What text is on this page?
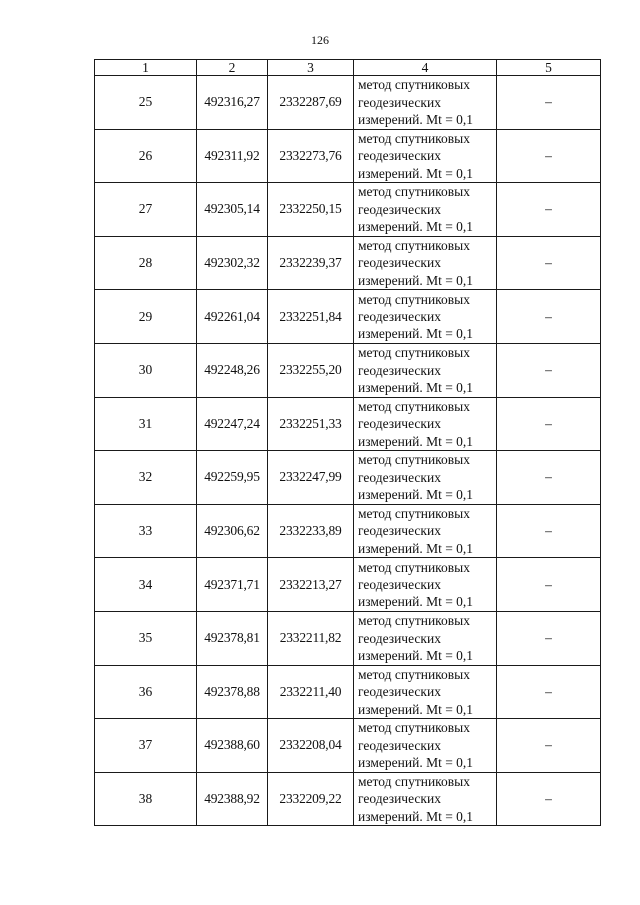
126
1	2	3	4	5
25	492316,27	2332287,69	метод спутниковых
геодезических
измерений. Mt = 0,1	–
26	492311,92	2332273,76	метод спутниковых
геодезических
измерений. Mt = 0,1	–
27	492305,14	2332250,15	метод спутниковых
геодезических
измерений. Mt = 0,1	–
28	492302,32	2332239,37	метод спутниковых
геодезических
измерений. Mt = 0,1	–
29	492261,04	2332251,84	метод спутниковых
геодезических
измерений. Mt = 0,1	–
30	492248,26	2332255,20	метод спутниковых
геодезических
измерений. Mt = 0,1	–
31	492247,24	2332251,33	метод спутниковых
геодезических
измерений. Mt = 0,1	–
32	492259,95	2332247,99	метод спутниковых
геодезических
измерений. Mt = 0,1	–
33	492306,62	2332233,89	метод спутниковых
геодезических
измерений. Mt = 0,1	–
34	492371,71	2332213,27	метод спутниковых
геодезических
измерений. Mt = 0,1	–
35	492378,81	2332211,82	метод спутниковых
геодезических
измерений. Mt = 0,1	–
36	492378,88	2332211,40	метод спутниковых
геодезических
измерений. Mt = 0,1	–
37	492388,60	2332208,04	метод спутниковых
геодезических
измерений. Mt = 0,1	–
38	492388,92	2332209,22	метод спутниковых
геодезических
измерений. Mt = 0,1	–
